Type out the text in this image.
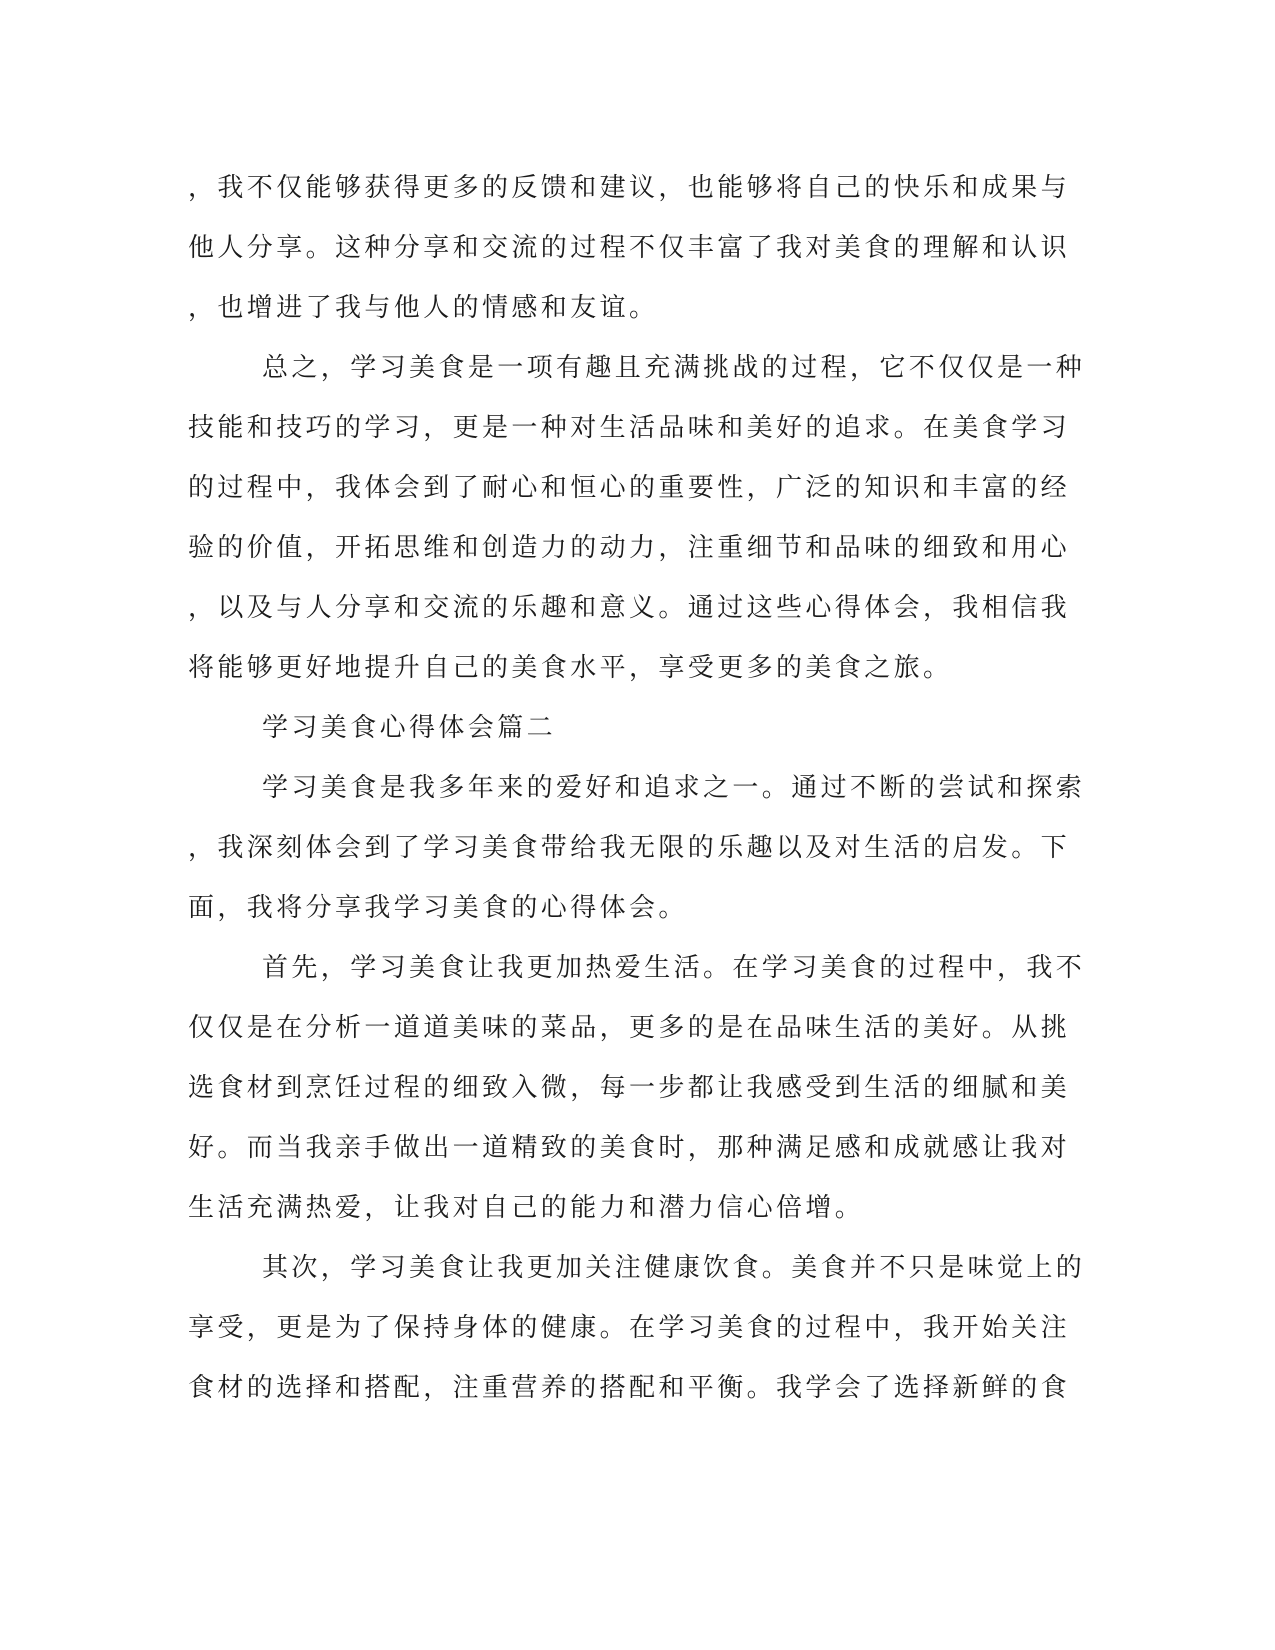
，我不仅能够获得更多的反馈和建议，也能够将自己的快乐和成果与
他人分享。这种分享和交流的过程不仅丰富了我对美食的理解和认识
，也增进了我与他人的情感和友谊。
总之，学习美食是一项有趣且充满挑战的过程，它不仅仅是一种
技能和技巧的学习，更是一种对生活品味和美好的追求。在美食学习
的过程中，我体会到了耐心和恒心的重要性，广泛的知识和丰富的经
验的价值，开拓思维和创造力的动力，注重细节和品味的细致和用心
，以及与人分享和交流的乐趣和意义。通过这些心得体会，我相信我
将能够更好地提升自己的美食水平，享受更多的美食之旅。
学习美食心得体会篇二
学习美食是我多年来的爱好和追求之一。通过不断的尝试和探索
，我深刻体会到了学习美食带给我无限的乐趣以及对生活的启发。下
面，我将分享我学习美食的心得体会。
首先，学习美食让我更加热爱生活。在学习美食的过程中，我不
仅仅是在分析一道道美味的菜品，更多的是在品味生活的美好。从挑
选食材到烹饪过程的细致入微，每一步都让我感受到生活的细腻和美
好。而当我亲手做出一道精致的美食时，那种满足感和成就感让我对
生活充满热爱，让我对自己的能力和潜力信心倍增。
其次，学习美食让我更加关注健康饮食。美食并不只是味觉上的
享受，更是为了保持身体的健康。在学习美食的过程中，我开始关注
食材的选择和搭配，注重营养的搭配和平衡。我学会了选择新鲜的食
